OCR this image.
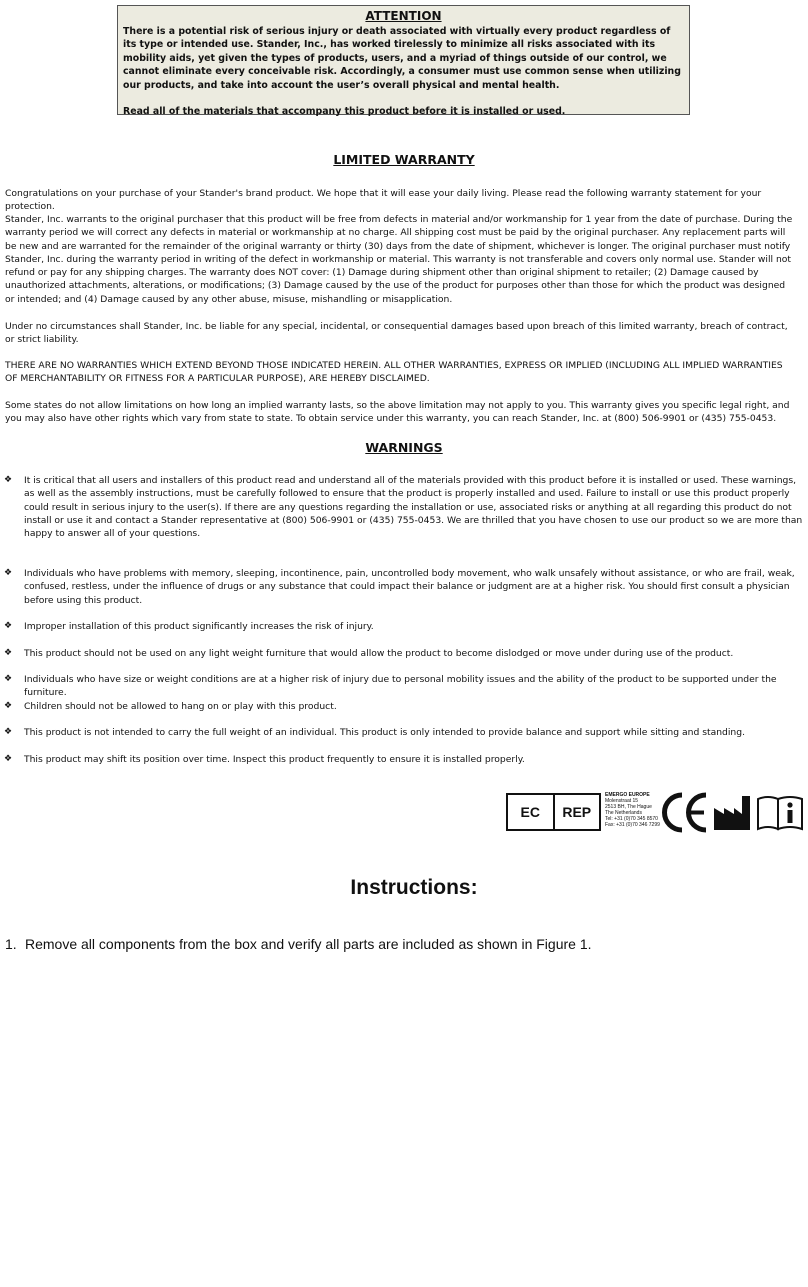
ATTENTION
There is a potential risk of serious injury or death associated with virtually every product regardless of its type or intended use. Stander, Inc., has worked tirelessly to minimize all risks associated with its mobility aids, yet given the types of products, users, and a myriad of things outside of our control, we cannot eliminate every conceivable risk. Accordingly, a consumer must use common sense when utilizing our products, and take into account the user’s overall physical and mental health.
Read all of the materials that accompany this product before it is installed or used.
LIMITED WARRANTY
Congratulations on your purchase of your Stander's brand product. We hope that it will ease your daily living. Please read the following warranty statement for your protection.
Stander, Inc. warrants to the original purchaser that this product will be free from defects in material and/or workmanship for 1 year from the date of purchase. During the warranty period we will correct any defects in material or workmanship at no charge. All shipping cost must be paid by the original purchaser. Any replacement parts will be new and are warranted for the remainder of the original warranty or thirty (30) days from the date of shipment, whichever is longer. The original purchaser must notify Stander, Inc. during the warranty period in writing of the defect in workmanship or material. This warranty is not transferable and covers only normal use. Stander will not refund or pay for any shipping charges. The warranty does NOT cover: (1) Damage during shipment other than original shipment to retailer; (2) Damage caused by unauthorized attachments, alterations, or modifications; (3) Damage caused by the use of the product for purposes other than those for which the product was designed or intended; and (4) Damage caused by any other abuse, misuse, mishandling or misapplication.
Under no circumstances shall Stander, Inc. be liable for any special, incidental, or consequential damages based upon breach of this limited warranty, breach of contract, or strict liability.
THERE ARE NO WARRANTIES WHICH EXTEND BEYOND THOSE INDICATED HEREIN. ALL OTHER WARRANTIES, EXPRESS OR IMPLIED (INCLUDING ALL IMPLIED WARRANTIES OF MERCHANTABILITY OR FITNESS FOR A PARTICULAR PURPOSE), ARE HEREBY DISCLAIMED.
Some states do not allow limitations on how long an implied warranty lasts, so the above limitation may not apply to you. This warranty gives you specific legal right, and you may also have other rights which vary from state to state. To obtain service under this warranty, you can reach Stander, Inc. at (800) 506-9901 or (435) 755-0453.
WARNINGS
❖ It is critical that all users and installers of this product read and understand all of the materials provided with this product before it is installed or used. These warnings, as well as the assembly instructions, must be carefully followed to ensure that the product is properly installed and used. Failure to install or use this product properly could result in serious injury to the user(s). If there are any questions regarding the installation or use, associated risks or anything at all regarding this product do not install or use it and contact a Stander representative at (800) 506-9901 or (435) 755-0453. We are thrilled that you have chosen to use our product so we are more than happy to answer all of your questions.
❖ Individuals who have problems with memory, sleeping, incontinence, pain, uncontrolled body movement, who walk unsafely without assistance, or who are frail, weak, confused, restless, under the influence of drugs or any substance that could impact their balance or judgment are at a higher risk. You should first consult a physician before using this product.
❖ Improper installation of this product significantly increases the risk of injury.
❖ This product should not be used on any light weight furniture that would allow the product to become dislodged or move under during use of the product.
❖ Individuals who have size or weight conditions are at a higher risk of injury due to personal mobility issues and the ability of the product to be supported under the furniture.
❖ Children should not be allowed to hang on or play with this product.
❖ This product is not intended to carry the full weight of an individual. This product is only intended to provide balance and support while sitting and standing.
❖ This product may shift its position over time. Inspect this product frequently to ensure it is installed properly.
EC	REP
EMERGO EUROPE
Molenstraat 15
2513 BH, The Hague
The Netherlands
Tel: +31 (0)70 345 8570
Fax: +31 (0)70 346 7299
Instructions:
1. Remove all components from the box and verify all parts are included as shown in Figure 1.
